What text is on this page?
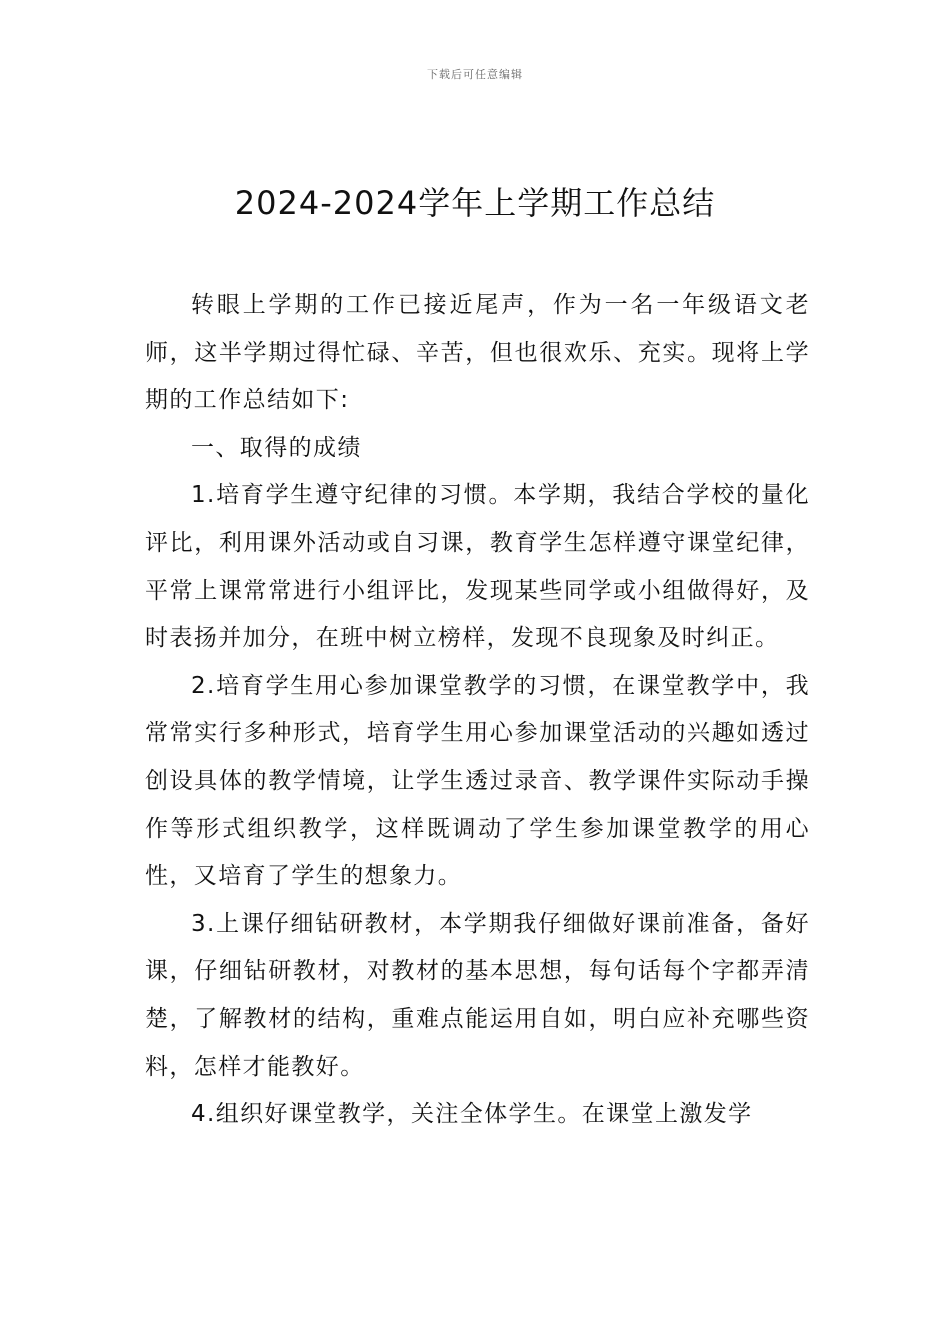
下载后可任意编辑
2024-2024学年上学期工作总结

转眼上学期的工作已接近尾声，作为一名一年级语文老师，这半学期过得忙碌、辛苦，但也很欢乐、充实。现将上学期的工作总结如下:

一、取得的成绩

1.培育学生遵守纪律的习惯。本学期，我结合学校的量化评比，利用课外活动或自习课，教育学生怎样遵守课堂纪律，平常上课常常进行小组评比，发现某些同学或小组做得好，及时表扬并加分，在班中树立榜样，发现不良现象及时纠正。

2.培育学生用心参加课堂教学的习惯，在课堂教学中，我常常实行多种形式，培育学生用心参加课堂活动的兴趣如透过创设具体的教学情境，让学生透过录音、教学课件实际动手操作等形式组织教学，这样既调动了学生参加课堂教学的用心性，又培育了学生的想象力。

3.上课仔细钻研教材，本学期我仔细做好课前准备，备好课，仔细钻研教材，对教材的基本思想，每句话每个字都弄清楚，了解教材的结构，重难点能运用自如，明白应补充哪些资料，怎样才能教好。

4.组织好课堂教学，关注全体学生。在课堂上激发学
